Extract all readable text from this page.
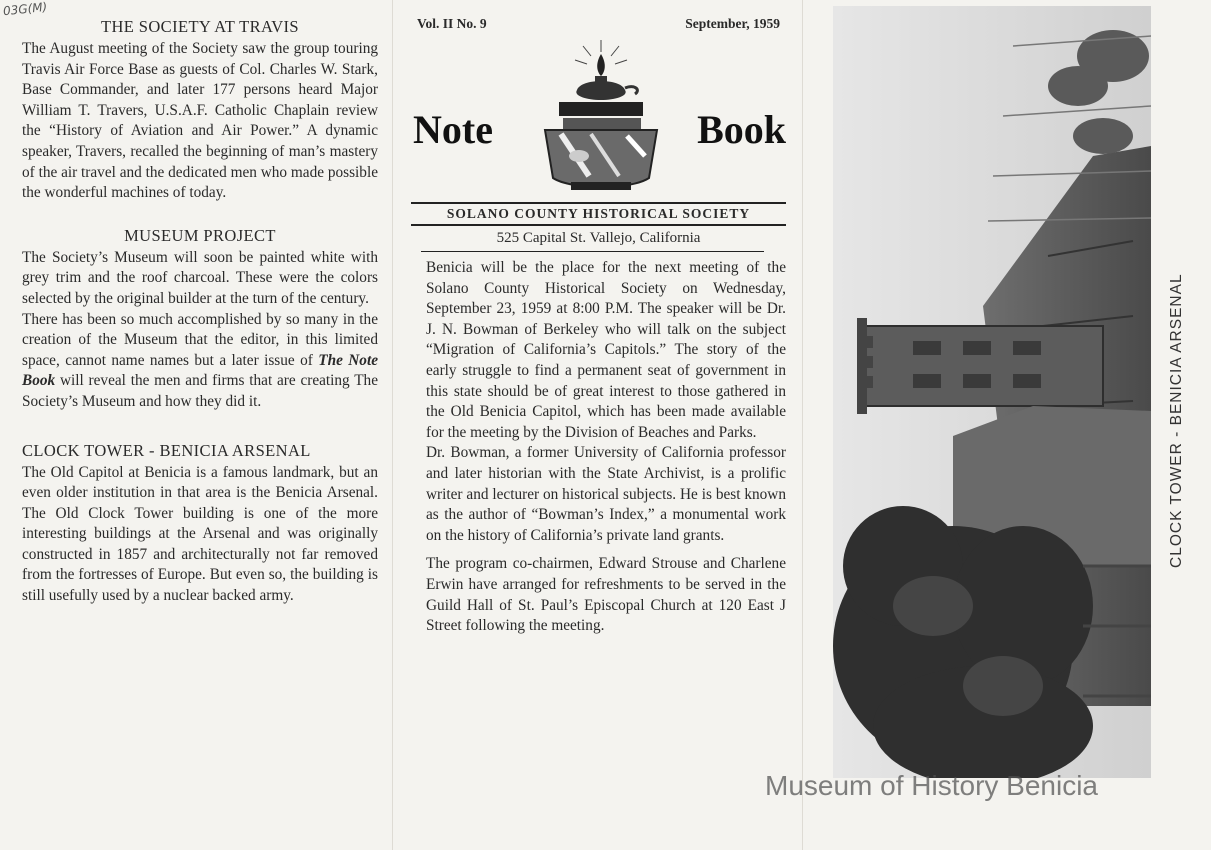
03G(M)
THE SOCIETY AT TRAVIS

The August meeting of the Society saw the group touring Travis Air Force Base as guests of Col. Charles W. Stark, Base Commander, and later 177 persons heard Major William T. Travers, U.S.A.F. Catholic Chaplain review the “History of Aviation and Air Power.” A dynamic speaker, Travers, recalled the beginning of man’s mastery of the air travel and the dedicated men who made possible the wonderful machines of today.

MUSEUM PROJECT

The Society’s Museum will soon be painted white with grey trim and the roof charcoal. These were the colors selected by the original builder at the turn of the century.

There has been so much accomplished by so many in the creation of the Museum that the editor, in this limited space, cannot name names but a later issue of The Note Book will reveal the men and firms that are creating The Society’s Museum and how they did it.

CLOCK TOWER - BENICIA ARSENAL

The Old Capitol at Benicia is a famous landmark, but an even older institution in that area is the Benicia Arsenal. The Old Clock Tower building is one of the more interesting buildings at the Arsenal and was originally constructed in 1857 and architecturally not far removed from the fortresses of Europe. But even so, the building is still usefully used by a nuclear backed army.

Vol. II No. 9	September, 1959
Note	Book
SOLANO COUNTY HISTORICAL SOCIETY
525 Capital St. Vallejo, California

Benicia will be the place for the next meeting of the Solano County Historical Society on Wednesday, September 23, 1959 at 8:00 P.M. The speaker will be Dr. J. N. Bowman of Berkeley who will talk on the subject “Migration of California’s Capitols.” The story of the early struggle to find a permanent seat of government in this state should be of great interest to those gathered in the Old Benicia Capitol, which has been made available for the meeting by the Division of Beaches and Parks.

Dr. Bowman, a former University of California professor and later historian with the State Archivist, is a prolific writer and lecturer on historical subjects. He is best known as the author of “Bowman’s Index,” a monumental work on the history of California’s private land grants.

The program co-chairmen, Edward Strouse and Charlene Erwin have arranged for refreshments to be served in the Guild Hall of St. Paul’s Episcopal Church at 120 East J Street following the meeting.

CLOCK TOWER - BENICIA ARSENAL
Museum of History Benicia
